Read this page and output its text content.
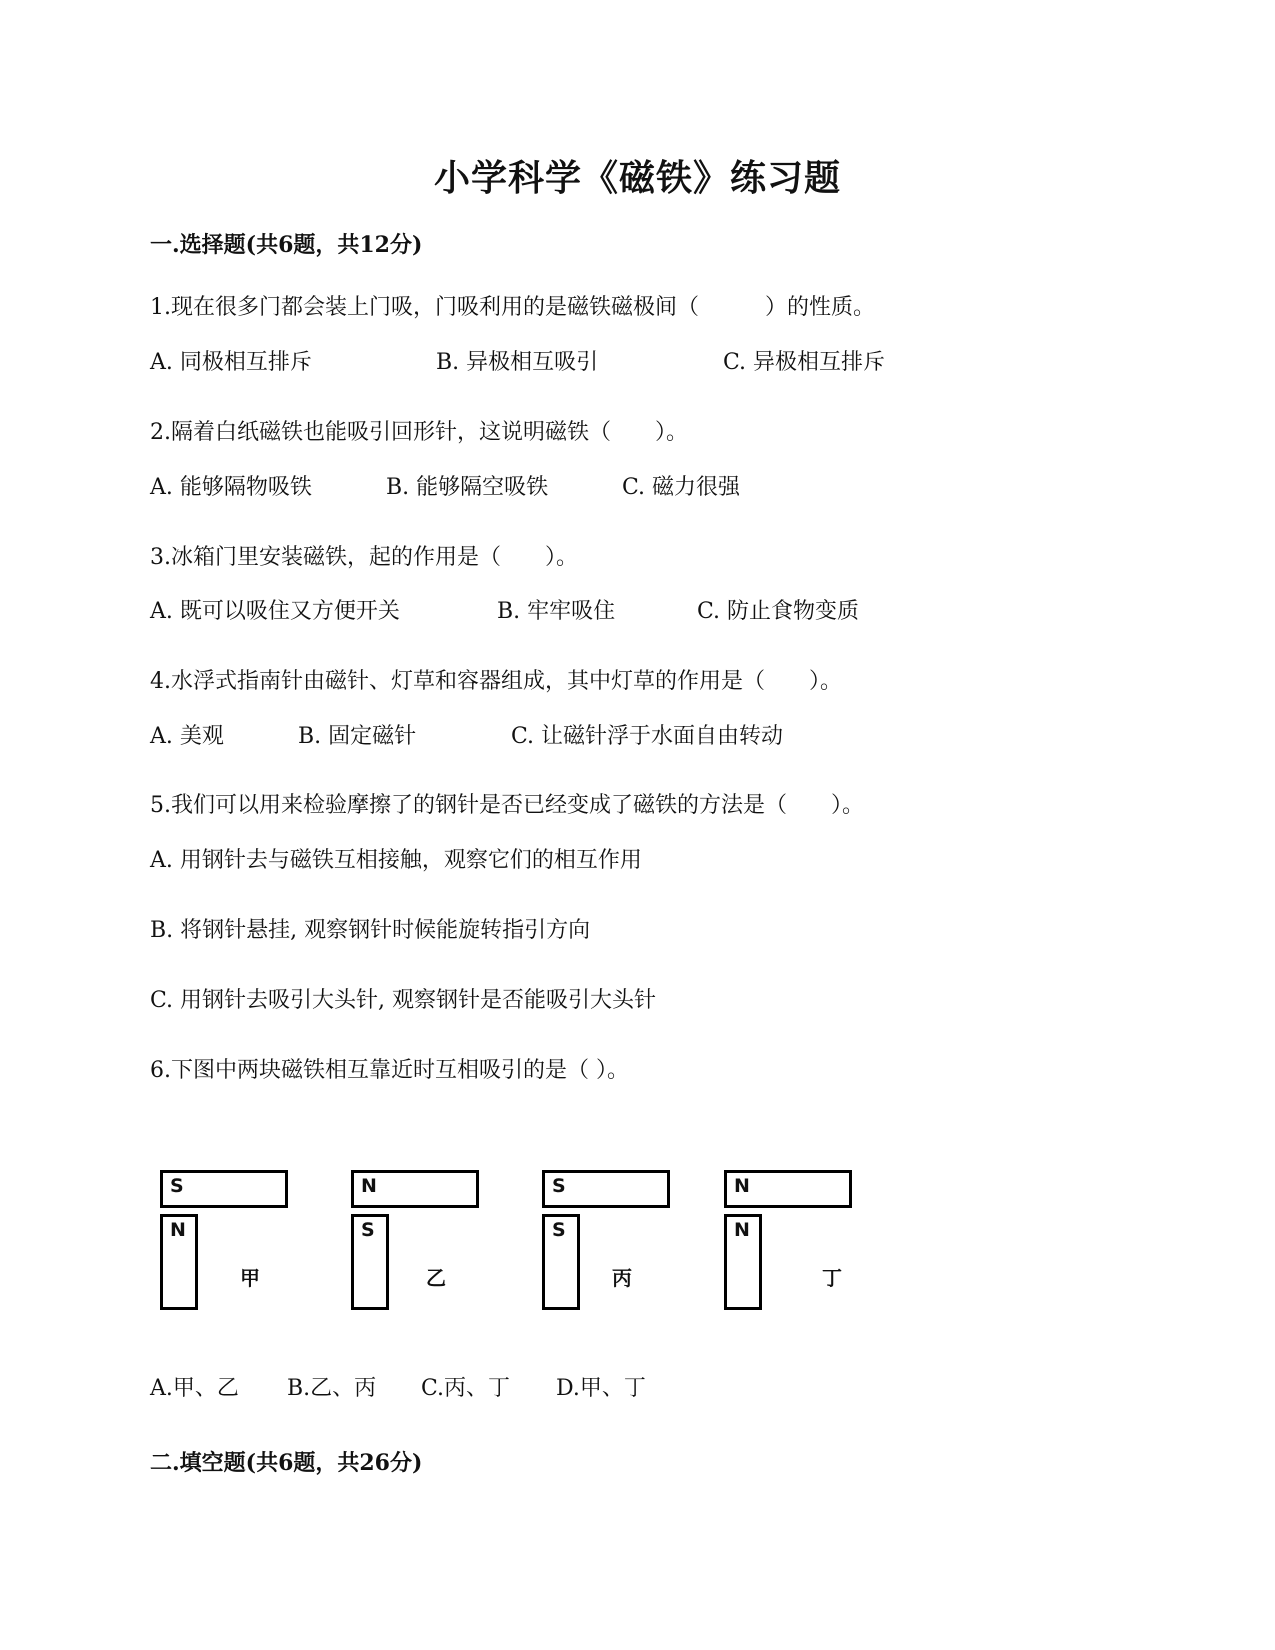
小学科学《磁铁》练习题
一.选择题(共6题，共12分)

1.现在很多门都会装上门吸，门吸利用的是磁铁磁极间（　　　）的性质。

A. 同极相互排斥	B. 异极相互吸引	C. 异极相互排斥

2.隔着白纸磁铁也能吸引回形针，这说明磁铁（　　）。

A. 能够隔物吸铁	B. 能够隔空吸铁	C. 磁力很强

3.冰箱门里安装磁铁，起的作用是（　　）。

A. 既可以吸住又方便开关	B. 牢牢吸住	C. 防止食物变质

4.水浮式指南针由磁针、灯草和容器组成，其中灯草的作用是（　　）。

A. 美观	B. 固定磁针	C. 让磁针浮于水面自由转动

5.我们可以用来检验摩擦了的钢针是否已经变成了磁铁的方法是（　　）。

A. 用钢针去与磁铁互相接触，观察它们的相互作用
B. 将钢针悬挂, 观察钢针时候能旋转指引方向
C. 用钢针去吸引大头针, 观察钢针是否能吸引大头针

6.下图中两块磁铁相互靠近时互相吸引的是（ ）。

S
N
甲
N
S
乙
S
S
丙
N
N
丁
A.甲、乙 B.乙、丙 C.丙、丁 D.甲、丁
二.填空题(共6题，共26分)
